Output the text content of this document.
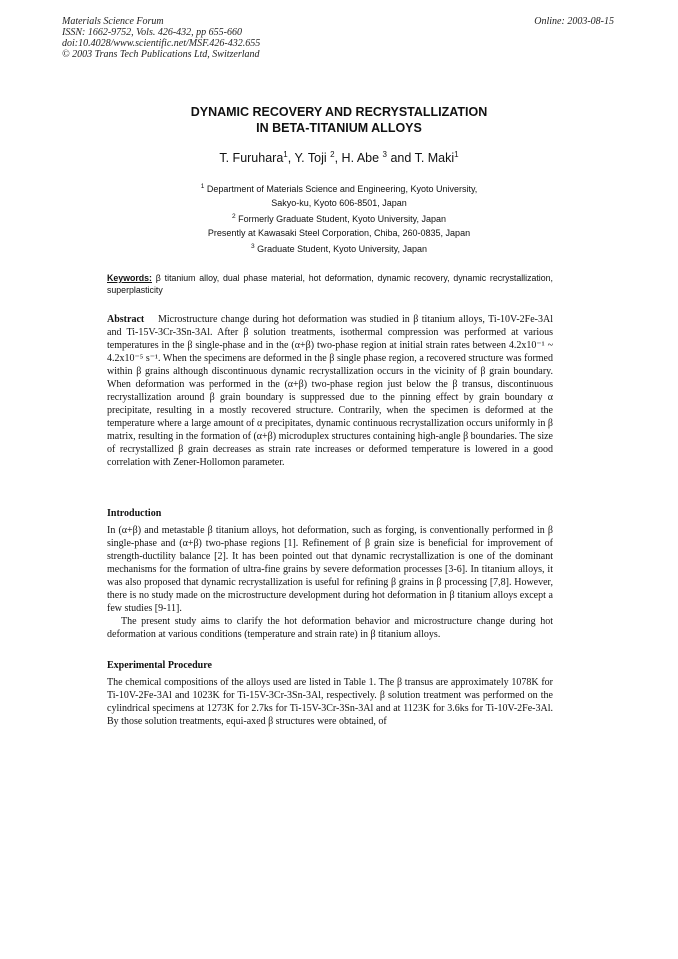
Materials Science Forum
ISSN: 1662-9752, Vols. 426-432, pp 655-660
doi:10.4028/www.scientific.net/MSF.426-432.655
© 2003 Trans Tech Publications Ltd, Switzerland
Online: 2003-08-15
DYNAMIC RECOVERY AND RECRYSTALLIZATION
IN BETA-TITANIUM ALLOYS
T. Furuhara$^1$, Y. Toji $^2$, H. Abe $^3$ and T. Maki$^1$
$^1$ Department of Materials Science and Engineering, Kyoto University,
Sakyo-ku, Kyoto 606-8501, Japan
$^2$ Formerly Graduate Student, Kyoto University, Japan
Presently at Kawasaki Steel Corporation, Chiba, 260-0835, Japan
$^3$ Graduate Student, Kyoto University, Japan
Keywords: β titanium alloy, dual phase material, hot deformation, dynamic recovery, dynamic recrystallization, superplasticity
Abstract Microstructure change during hot deformation was studied in β titanium alloys, Ti-10V-2Fe-3Al and Ti-15V-3Cr-3Sn-3Al. After β solution treatments, isothermal compression was performed at various temperatures in the β single-phase and in the (α+β) two-phase region at initial strain rates between 4.2x10⁻¹ ~ 4.2x10⁻⁵ s⁻¹. When the specimens are deformed in the β single phase region, a recovered structure was formed within β grains although discontinuous dynamic recrystallization occurs in the vicinity of β grain boundary. When deformation was performed in the (α+β) two-phase region just below the β transus, discontinuous recrystallization around β grain boundary is suppressed due to the pinning effect by grain boundary α precipitate, resulting in a mostly recovered structure. Contrarily, when the specimen is deformed at the temperature where a large amount of α precipitates, dynamic continuous recrystallization occurs uniformly in β matrix, resulting in the formation of (α+β) microduplex structures containing high-angle β boundaries. The size of recrystallized β grain decreases as strain rate increases or deformed temperature is lowered in a good correlation with Zener-Hollomon parameter.
Introduction

In (α+β) and metastable β titanium alloys, hot deformation, such as forging, is conventionally performed in β single-phase and (α+β) two-phase regions [1]. Refinement of β grain size is beneficial for improvement of strength-ductility balance [2]. It has been pointed out that dynamic recrystallization is one of the dominant mechanisms for the formation of ultra-fine grains by severe deformation processes [3-6]. In titanium alloys, it was also proposed that dynamic recrystallization is useful for refining β grains in β processing [7,8]. However, there is no study made on the microstructure development during hot deformation in β titanium alloys except a few studies [9-11].

The present study aims to clarify the hot deformation behavior and microstructure change during hot deformation at various conditions (temperature and strain rate) in β titanium alloys.

Experimental Procedure

The chemical compositions of the alloys used are listed in Table 1. The β transus are approximately 1078K for Ti-10V-2Fe-3Al and 1023K for Ti-15V-3Cr-3Sn-3Al, respectively. β solution treatment was performed on the cylindrical specimens at 1273K for 2.7ks for Ti-15V-3Cr-3Sn-3Al and at 1123K for 3.6ks for Ti-10V-2Fe-3Al. By those solution treatments, equi-axed β structures were obtained, of
